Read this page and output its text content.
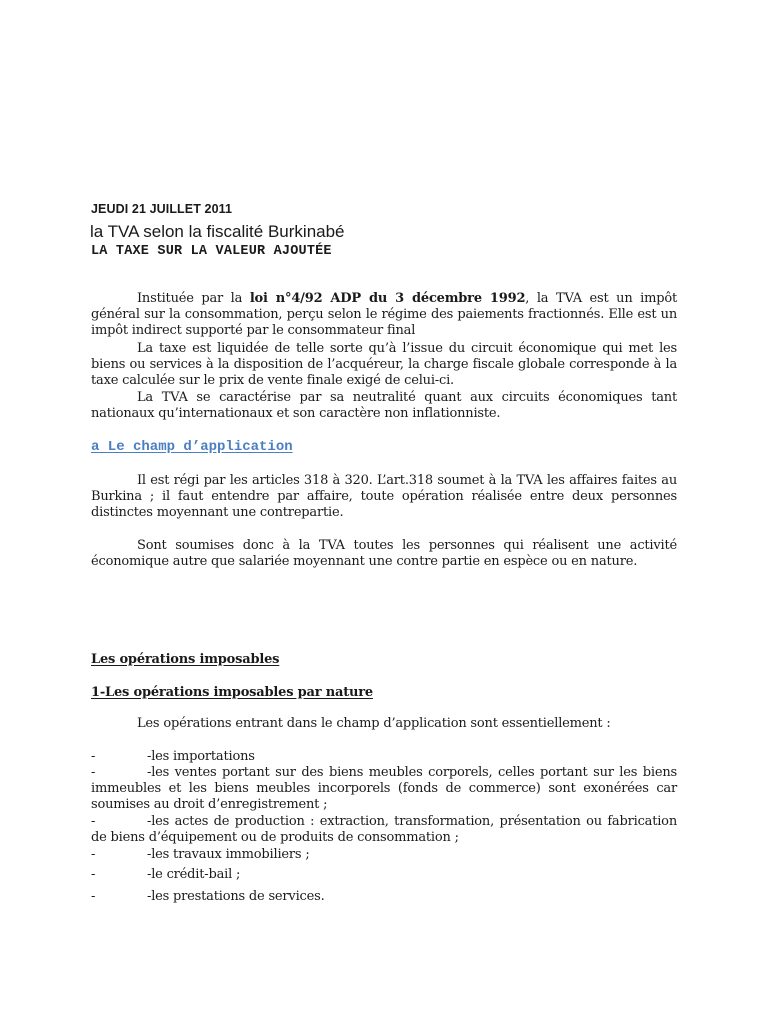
JEUDI 21 JUILLET 2011
la TVA selon la fiscalité Burkinabé
LA TAXE SUR LA VALEUR AJOUTÉE
Instituée par la loi n°4/92 ADP du 3 décembre 1992, la TVA est un impôt général sur la consommation, perçu selon le régime des paiements fractionnés. Elle est un impôt indirect supporté par le consommateur final
La taxe est liquidée de telle sorte qu’à l’issue du circuit économique qui met les biens ou services à la disposition de l’acquéreur, la charge fiscale globale corresponde à la taxe calculée sur le prix de vente finale exigé de celui-ci.
La TVA se caractérise par sa neutralité quant aux circuits économiques tant nationaux qu’internationaux et son caractère non inflationniste.
a Le champ d’application
Il est régi par les articles 318 à 320. L’art.318 soumet à la TVA les affaires faites au Burkina ; il faut entendre par affaire, toute opération réalisée entre deux personnes distinctes moyennant une contrepartie.
Sont soumises donc à la TVA toutes les personnes qui réalisent une activité économique autre que salariée moyennant une contre partie en espèce ou en nature.
Les opérations imposables
1-Les opérations imposables par nature
Les opérations entrant dans le champ d’application sont essentiellement :
-	-les importations
-	-les ventes portant sur des biens meubles corporels, celles portant sur les biens immeubles et les biens meubles incorporels (fonds de commerce) sont exonérées car soumises au droit d’enregistrement ;
-	-les actes de production : extraction, transformation, présentation ou fabrication de biens d’équipement ou de produits de consommation ;
-	-les travaux immobiliers ;
-	-le crédit-bail ;
-	-les prestations de services.
